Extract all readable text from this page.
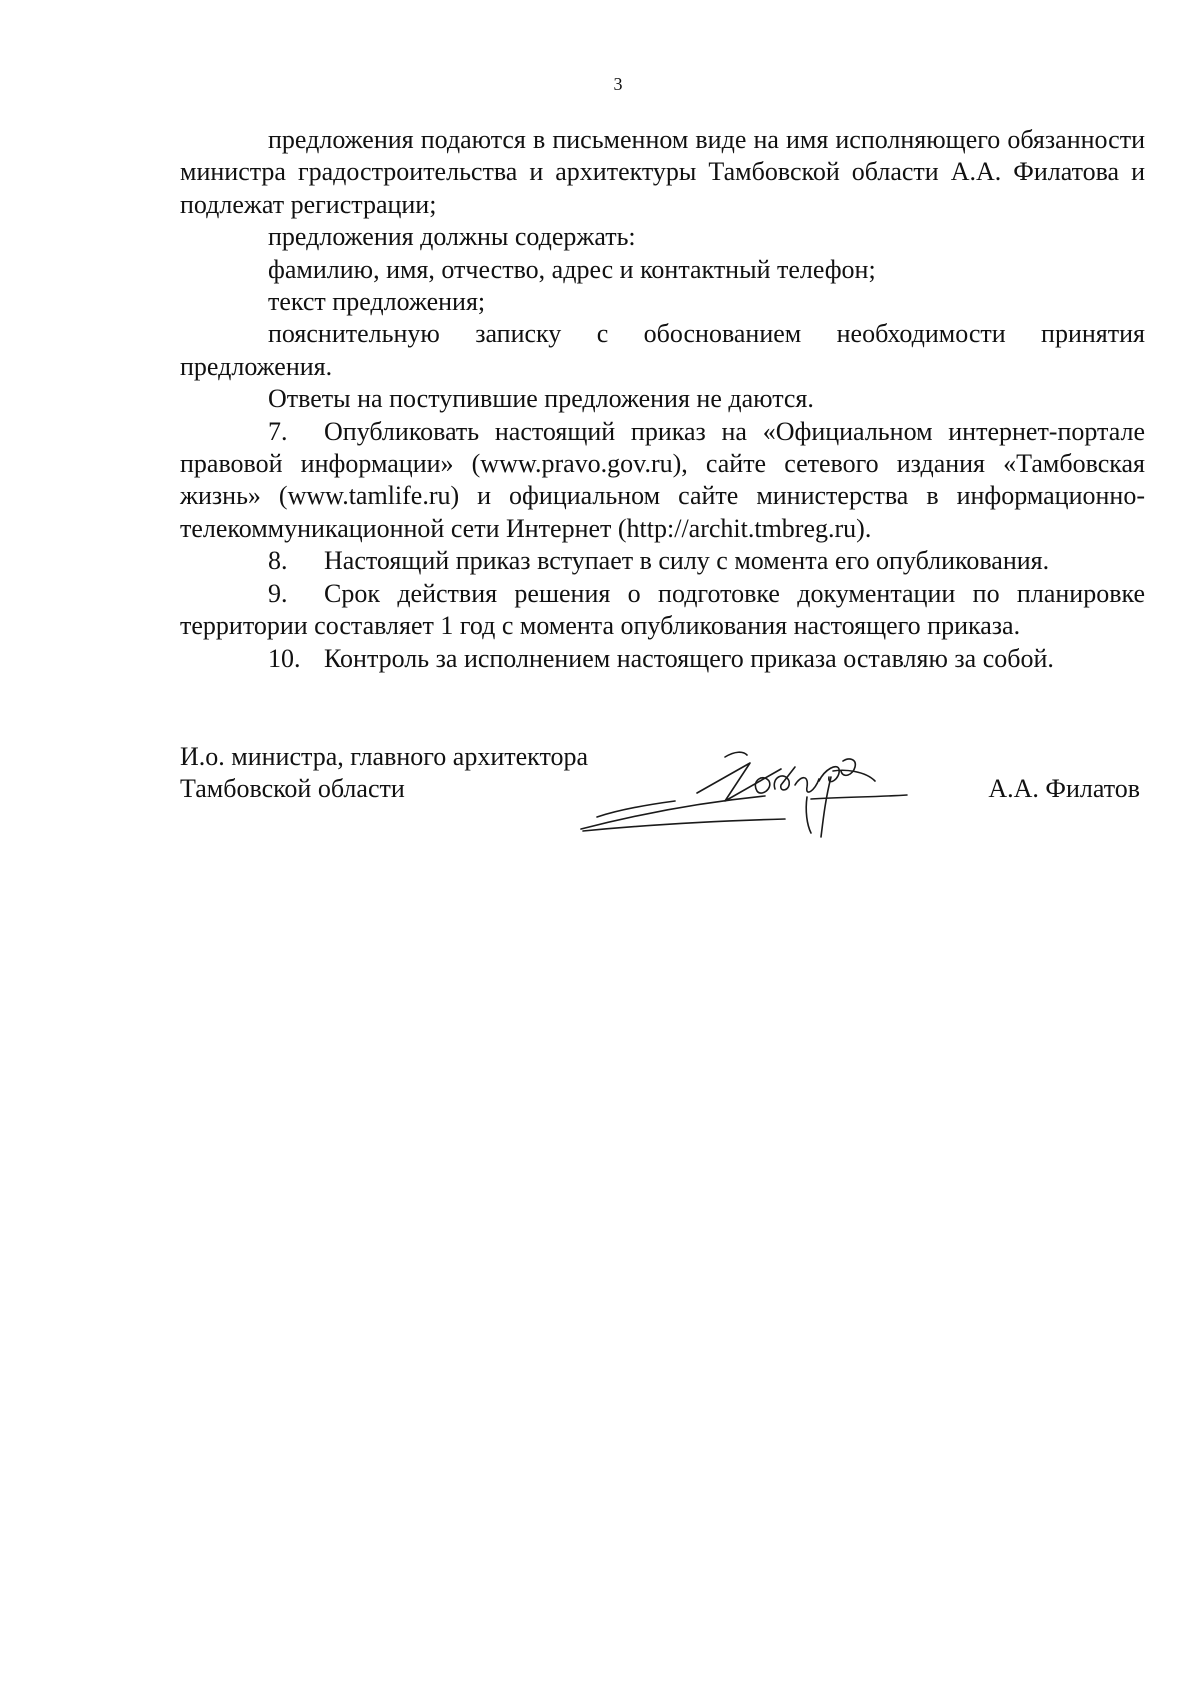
3

предложения подаются в письменном виде на имя исполняющего обязанности министра градостроительства и архитектуры Тамбовской области А.А. Филатова и подлежат регистрации;

предложения должны содержать:

фамилию, имя, отчество, адрес и контактный телефон;

текст предложения;

пояснительную записку с обоснованием необходимости принятия предложения.

Ответы на поступившие предложения не даются.

7. Опубликовать настоящий приказ на «Официальном интернет-портале правовой информации» (www.pravo.gov.ru), сайте сетевого издания «Тамбовская жизнь» (www.tamlife.ru) и официальном сайте министерства в информационно-телекоммуникационной сети Интернет (http://archit.tmbreg.ru).

8. Настоящий приказ вступает в силу с момента его опубликования.

9. Срок действия решения о подготовке документации по планировке территории составляет 1 год с момента опубликования настоящего приказа.

10. Контроль за исполнением настоящего приказа оставляю за собой.

И.о. министра, главного архитектора
Тамбовской области	А.А. Филатов
